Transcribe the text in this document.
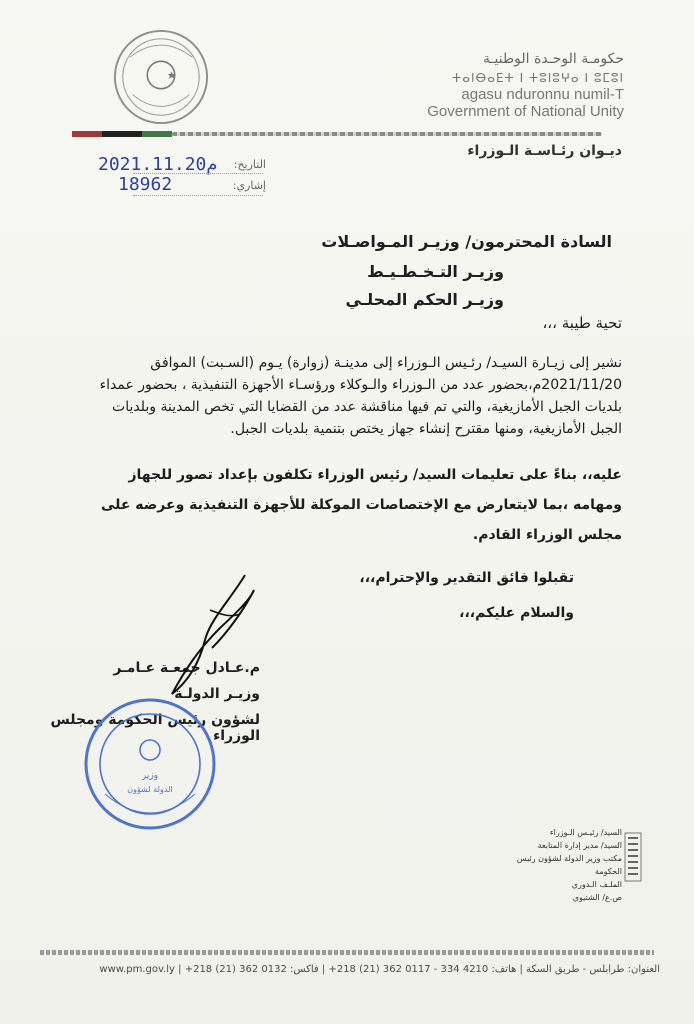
حكومـة الوحـدة الوطنيـة
ⵜⴰⵏⴱⴰⴹⵜ ⵏ ⵜⵓⵏⵓⵖⴰ ⵏ ⵓⵎⵓⵏ
agasu nduronnu numil-T
Government of National Unity
ديـوان رئـاسـة الـوزراء
التاريخ:
م2021.11.20
إشاري:
18962
السادة المحترمون/ وزيـر المـواصـلات
وزيـر التـخـطـيـط
وزيـر الحكم المحلـي
تحية طيبة ،،،
نشير إلى زيـارة السيـد/ رئـيس الـوزراء إلى مدينـة (زوارة) يـوم (السـبت) الموافق 2021/11/20م،بحضور عدد من الـوزراء والـوكلاء ورؤسـاء الأجهزة التنفيذية ، بحضور عمداء بلديات الجبل الأمازيغية، والتي تم فيها مناقشة عدد من القضايا التي تخص المدينة وبلديات الجبل الأمازيغية، ومنها مقترح إنشاء جهاز يختص بتنمية بلديات الجبل.
عليه،، بناءً على تعليمات السيد/ رئيس الوزراء تكلفون بإعداد تصور للجهاز ومهامه ،بما لايتعارض مع الإختصاصات الموكلة للأجهزة التنفيذية وعرضه على مجلس الوزراء القادم.
تقبلوا فائق التقدير والإحترام،،،
والسلام عليكم،،،
م.عـادل جمعـة عـامـر
وزيـر الدولـة
لشؤون رئيس الحكومة ومجلس الوزراء
وزير
الدولة لشؤون
السيد/ رئيـس الـوزراء
السيد/ مدير إدارة المتابعة
مكتب وزير الدولة لشؤون رئيس الحكومة
الملـف الـدوري
ص.ع/ الشتيوي
العنوان: طرابلس - طريق السكة | هاتف: 4210 334 - 0117 362 (21) 218+ | فاكس: 0132 362 (21) 218+ | www.pm.gov.ly
